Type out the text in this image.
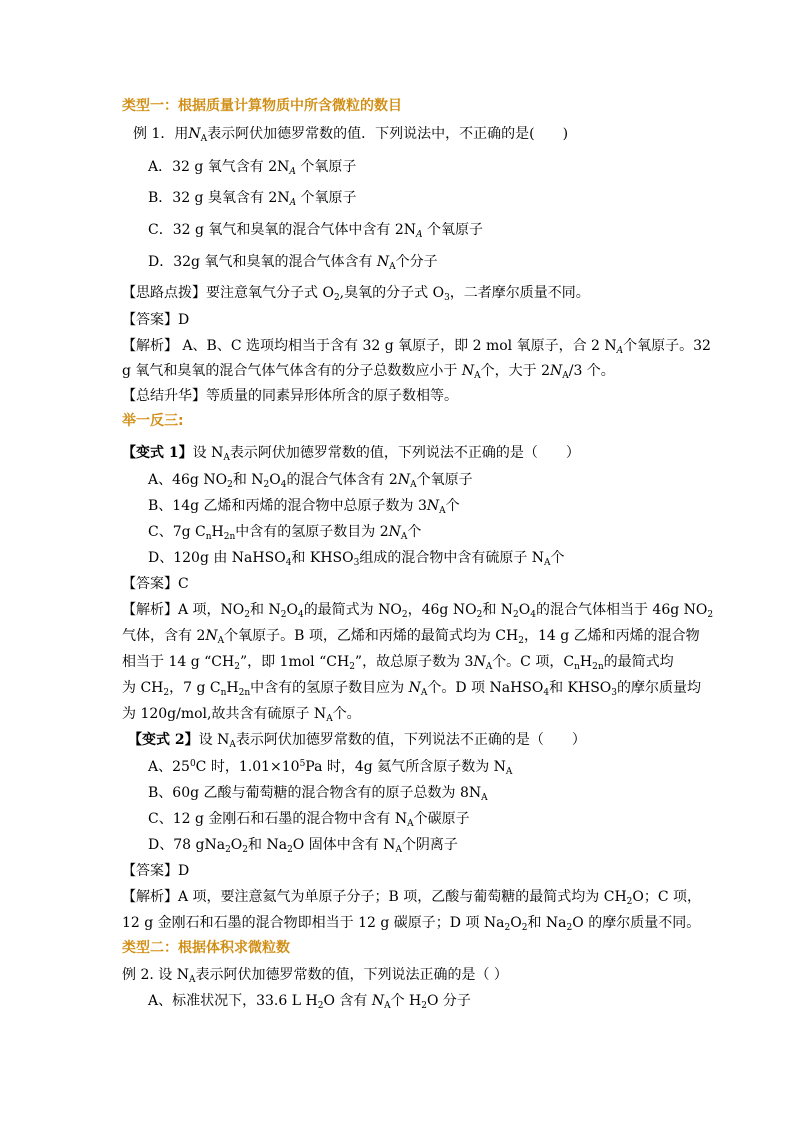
类型一：根据质量计算物质中所含微粒的数目
例 1．用$N_A$表示阿伏加德罗常数的值．下列说法中，不正确的是(　　)
A．32 g 氧气含有 $2N_A$ 个氧原子
B．32 g 臭氧含有 $2N_A$ 个氧原子
C．32 g 氧气和臭氧的混合气体中含有 $2N_A$ 个氧原子
D．32g 氧气和臭氧的混合气体含有 $N_A$个分子
【思路点拨】要注意氧气分子式 $O_2$,臭氧的分子式 $O_3$，二者摩尔质量不同。
【答案】D
【解析】 A、B、C 选项均相当于含有 32 g 氧原子，即 2 mol 氧原子，合 2 $N_A$个氧原子。32
g 氧气和臭氧的混合气体气体含有的分子总数数应小于 $N_A$个，大于 $2N_A/3$ 个。
【总结升华】等质量的同素异形体所含的原子数相等。
举一反三:
【变式 1】设 $N_A$表示阿伏加德罗常数的值，下列说法不正确的是（　　）
A、46g $NO_2$和 $N_2O_4$的混合气体含有 $2N_A$个氧原子
B、14g 乙烯和丙烯的混合物中总原子数为 $3N_A$个
C、7g $C_nH_{2n}$中含有的氢原子数目为 $2N_A$个
D、120g 由 NaHSO$_4$和 $KHSO_3$组成的混合物中含有硫原子 $N_A$个
【答案】C
【解析】A 项，$NO_2$和 $N_2O_4$的最简式为 $NO_2$，46g $NO_2$和 $N_2O_4$的混合气体相当于 46g $NO_2$
气体，含有 $2N_A$个氧原子。B 项，乙烯和丙烯的最简式均为 $CH_2$，14 g 乙烯和丙烯的混合物
相当于 14 g “$CH_2$”，即 1mol “$CH_2$”，故总原子数为 $3N_A$个。C 项，$C_nH_{2n}$的最简式均
为 $CH_2$，7 g $C_nH_{2n}$中含有的氢原子数目应为 $N_A$个。D 项 NaHSO$_4$和 $KHSO_3$的摩尔质量均
为 120g/mol,故共含有硫原子 $N_A$个。
【变式 2】设 $N_A$表示阿伏加德罗常数的值，下列说法不正确的是（　　）
A、$25^0C$ 时，$1.01\times 10^5Pa$ 时，4g 氦气所含原子数为 $N_A$
B、60g 乙酸与葡萄糖的混合物含有的原子总数为 $8N_A$
C、12 g 金刚石和石墨的混合物中含有 $N_A$个碳原子
D、78 $gNa_2O_2$和 $Na_2O$ 固体中含有 $N_A$个阴离子
【答案】D
【解析】A 项，要注意氦气为单原子分子；B 项，乙酸与葡萄糖的最简式均为 $CH_2O$；C 项，
12 g 金刚石和石墨的混合物即相当于 12 g 碳原子；D 项 $Na_2O_2$和 $Na_2O$ 的摩尔质量不同。
类型二：根据体积求微粒数
例 2. 设 $N_A$表示阿伏加德罗常数的值，下列说法正确的是（ ）
A、标准状况下，33.6 L $H_2O$ 含有 $N_A$个 $H_2O$ 分子
